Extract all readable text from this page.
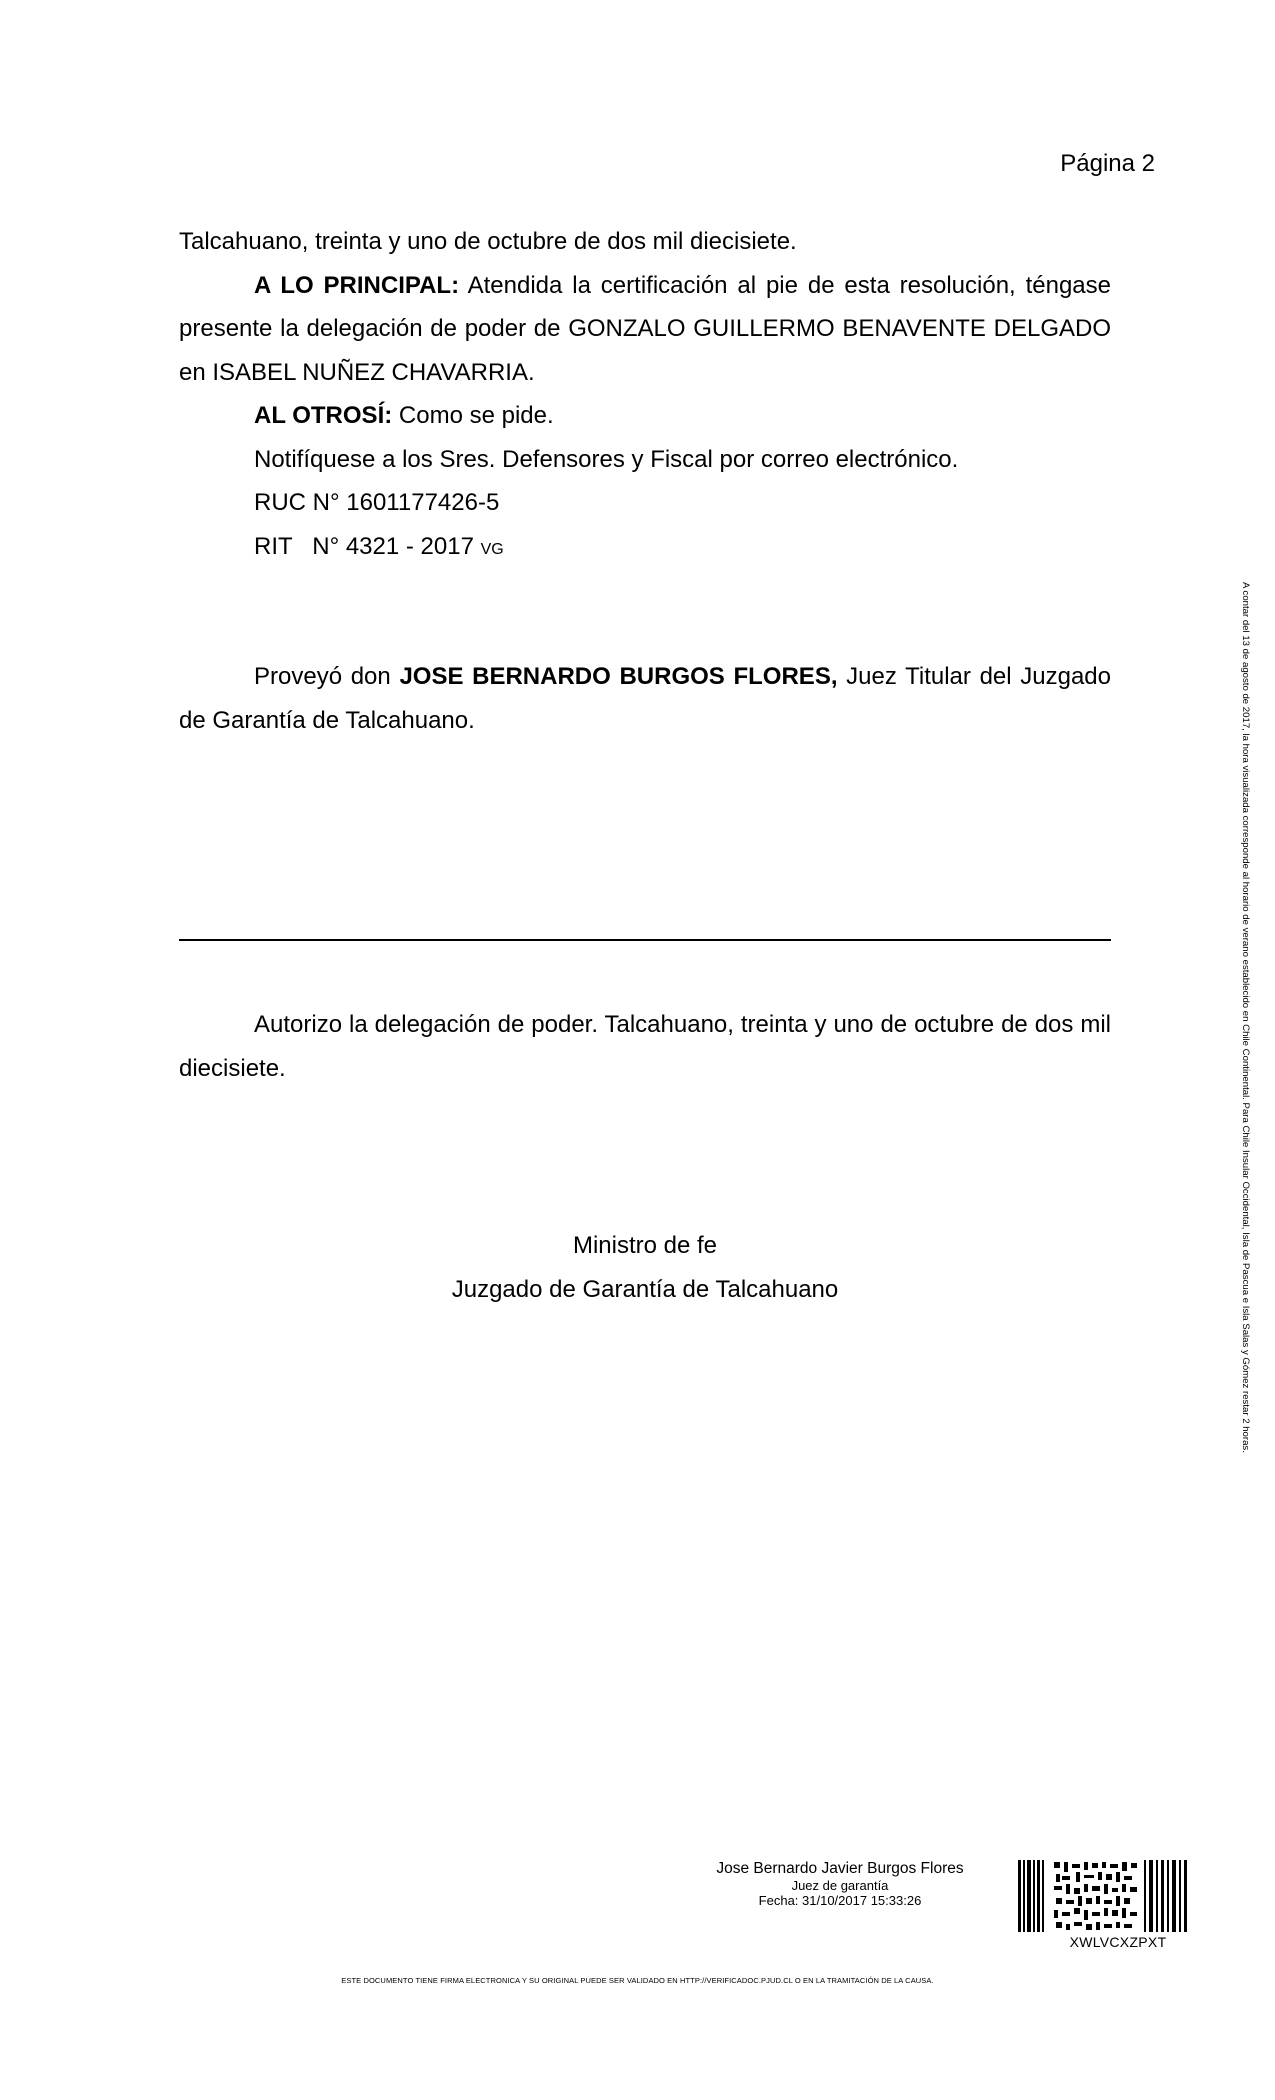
Página 2
Talcahuano, treinta y uno de octubre de dos mil diecisiete.
A LO PRINCIPAL: Atendida la certificación al pie de esta resolución, téngase presente la delegación de poder de GONZALO GUILLERMO BENAVENTE DELGADO en ISABEL NUÑEZ CHAVARRIA.
AL OTROSÍ: Como se pide.
Notifíquese a los Sres. Defensores y Fiscal por correo electrónico.
RUC N° 1601177426-5
RIT   N° 4321 - 2017 VG
Proveyó don JOSE BERNARDO BURGOS FLORES, Juez Titular del Juzgado de Garantía de Talcahuano.
Autorizo la delegación de poder. Talcahuano, treinta y uno de octubre de dos mil diecisiete.
Ministro de fe
Juzgado de Garantía de Talcahuano	A contar del 13 de agosto de 2017, la hora visualizada corresponde al horario de verano establecido en Chile Continental. Para Chile Insular Occidental, Isla de Pascua e Isla Salas y Gómez restar 2 horas.
Jose Bernardo Javier Burgos Flores
Juez de garantía
Fecha: 31/10/2017 15:33:26
XWLVCXZPXT
ESTE DOCUMENTO TIENE FIRMA ELECTRONICA Y SU ORIGINAL PUEDE SER VALIDADO EN HTTP://VERIFICADOC.PJUD.CL O EN LA TRAMITACIÓN DE LA CAUSA.
